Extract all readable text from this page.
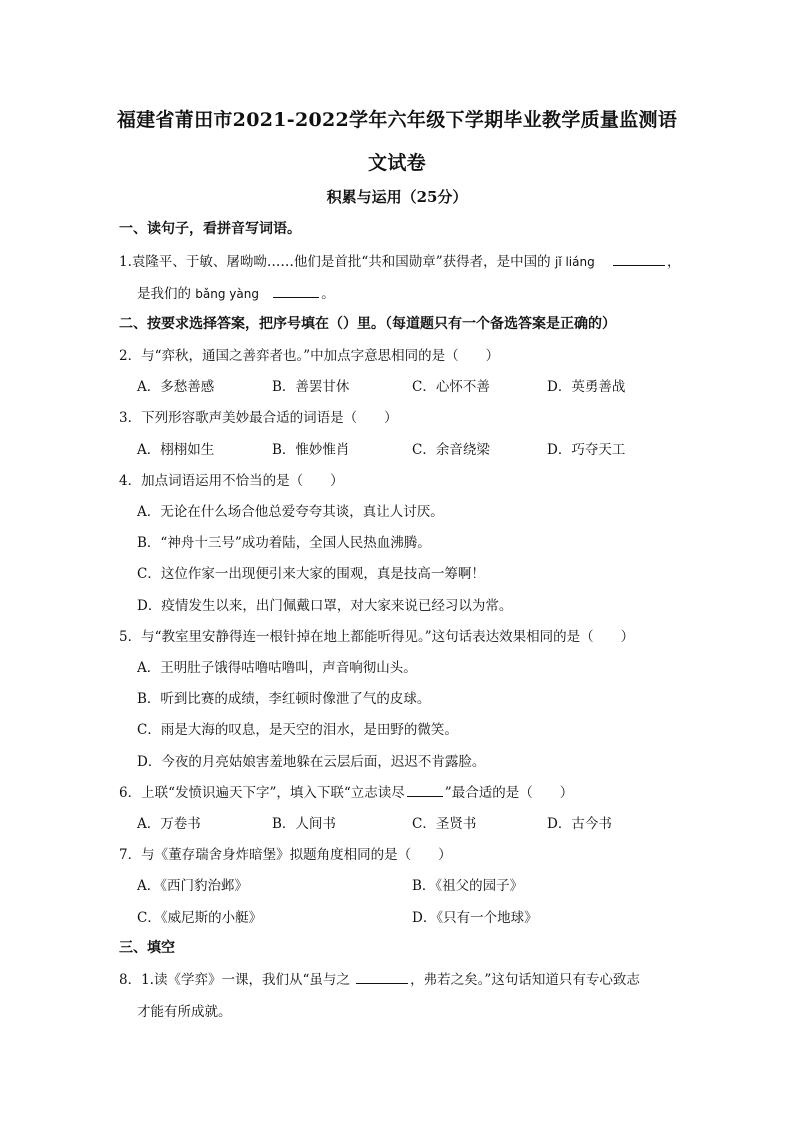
福建省莆田市2021-2022学年六年级下学期毕业教学质量监测语
文试卷
积累与运用（25分）
一、读句子，看拼音写词语。
1.袁隆平、于敏、屠呦呦……他们是首批“共和国勋章”获得者，是中国的 jǐ liáng	，
是我们的 bǎng yàng	。
二、按要求选择答案，把序号填在（）里。（每道题只有一个备选答案是正确的）
2．与“弈秋，通国之善弈者也。”中加点字意思相同的是（　　）
A．多愁善感	B．善罢甘休	C．心怀不善	D．英勇善战
3．下列形容歌声美妙最合适的词语是（　　）
A．栩栩如生	B．惟妙惟肖	C．余音绕梁	D．巧夺天工
4．加点词语运用不恰当的是（　　）
A．无论在什么场合他总爱夸夸其谈，真让人讨厌。
B．“神舟十三号”成功着陆，全国人民热血沸腾。
C．这位作家一出现便引来大家的围观，真是技高一筹啊！
D．疫情发生以来，出门佩戴口罩，对大家来说已经习以为常。
5．与“教室里安静得连一根针掉在地上都能听得见。”这句话表达效果相同的是（　　）
A．王明肚子饿得咕噜咕噜叫，声音响彻山头。
B．听到比赛的成绩，李红顿时像泄了气的皮球。
C．雨是大海的叹息，是天空的泪水，是田野的微笑。
D．今夜的月亮姑娘害羞地躲在云层后面，迟迟不肯露脸。
6．上联“发愤识遍天下字”，填入下联“立志读尽	”最合适的是（　　）
A．万卷书	B．人间书	C．圣贤书	D．古今书
7．与《董存瑞舍身炸暗堡》拟题角度相同的是（　　）
A．《西门豹治邺》	B．《祖父的园子》
C．《威尼斯的小艇》	D．《只有一个地球》
三、填空
8．1.读《学弈》一课，我们从“虽与之	，弗若之矣。”这句话知道只有专心致志
才能有所成就。
